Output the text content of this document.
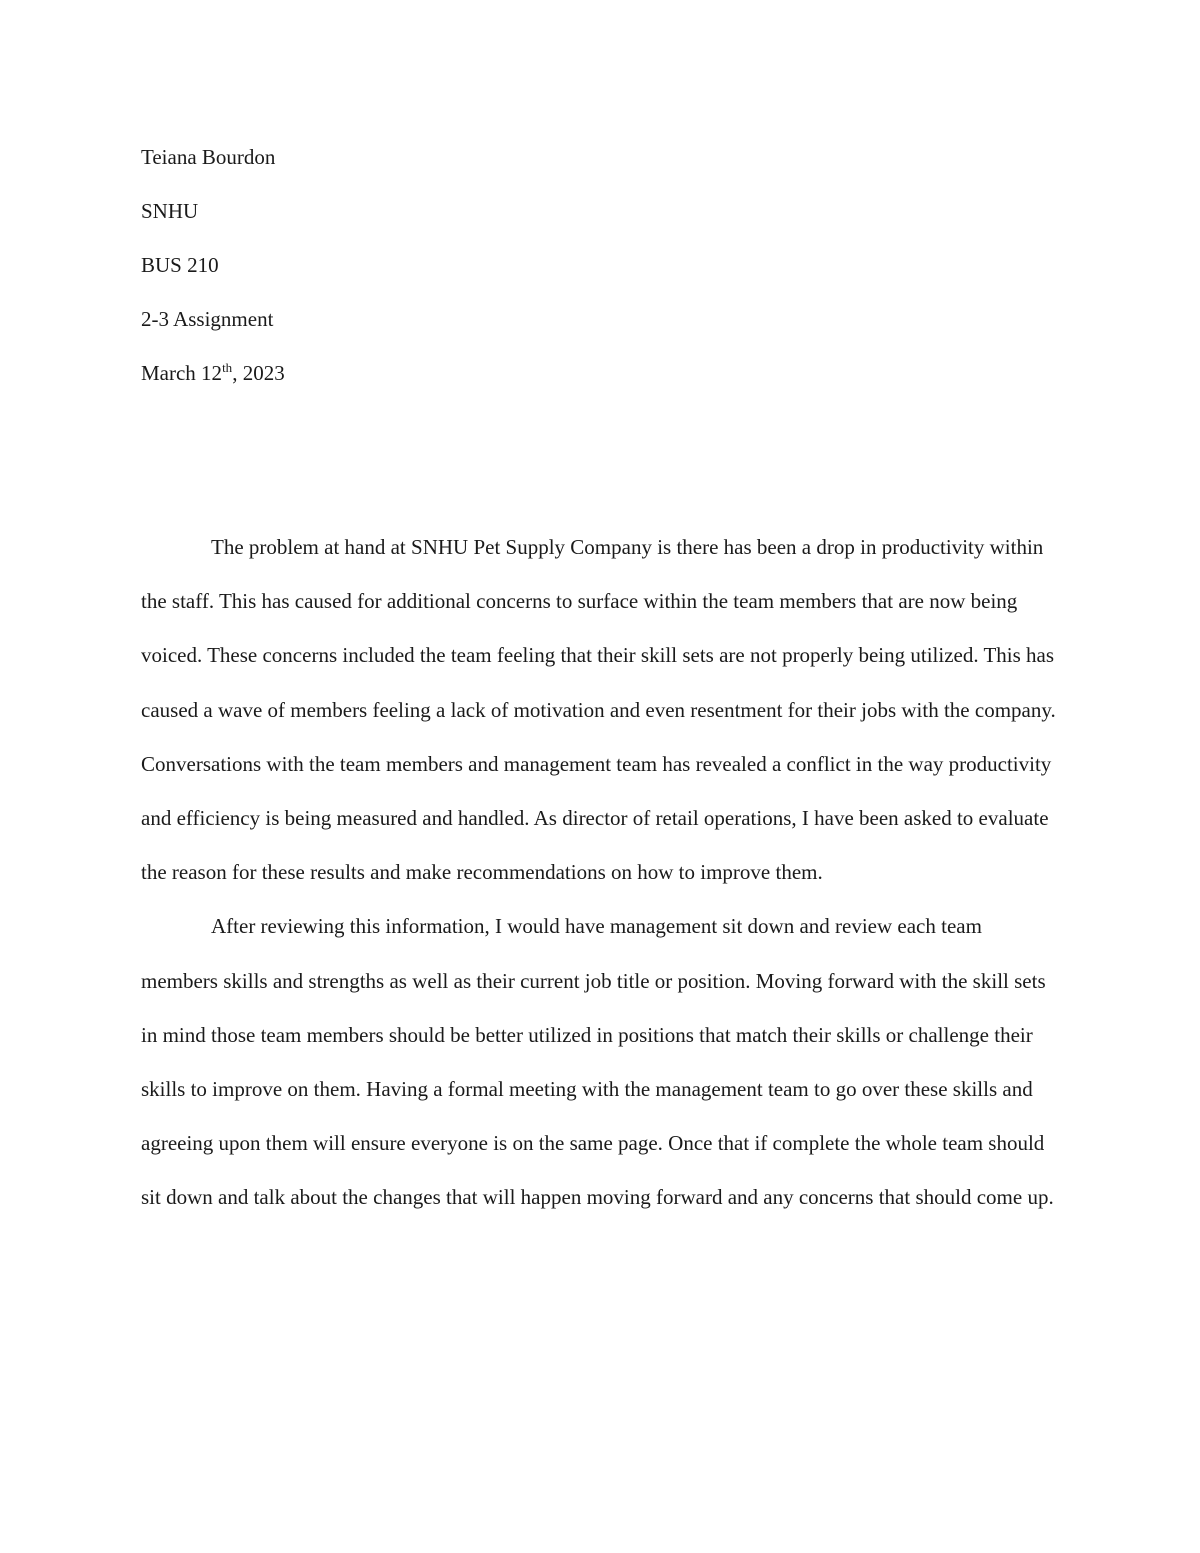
Teiana Bourdon
SNHU
BUS 210
2-3 Assignment
March 12th, 2023

The problem at hand at SNHU Pet Supply Company is there has been a drop in productivity within the staff. This has caused for additional concerns to surface within the team members that are now being voiced. These concerns included the team feeling that their skill sets are not properly being utilized. This has caused a wave of members feeling a lack of motivation and even resentment for their jobs with the company. Conversations with the team members and management team has revealed a conflict in the way productivity and efficiency is being measured and handled. As director of retail operations, I have been asked to evaluate the reason for these results and make recommendations on how to improve them.

After reviewing this information, I would have management sit down and review each team members skills and strengths as well as their current job title or position. Moving forward with the skill sets in mind those team members should be better utilized in positions that match their skills or challenge their skills to improve on them. Having a formal meeting with the management team to go over these skills and agreeing upon them will ensure everyone is on the same page. Once that if complete the whole team should sit down and talk about the changes that will happen moving forward and any concerns that should come up.
